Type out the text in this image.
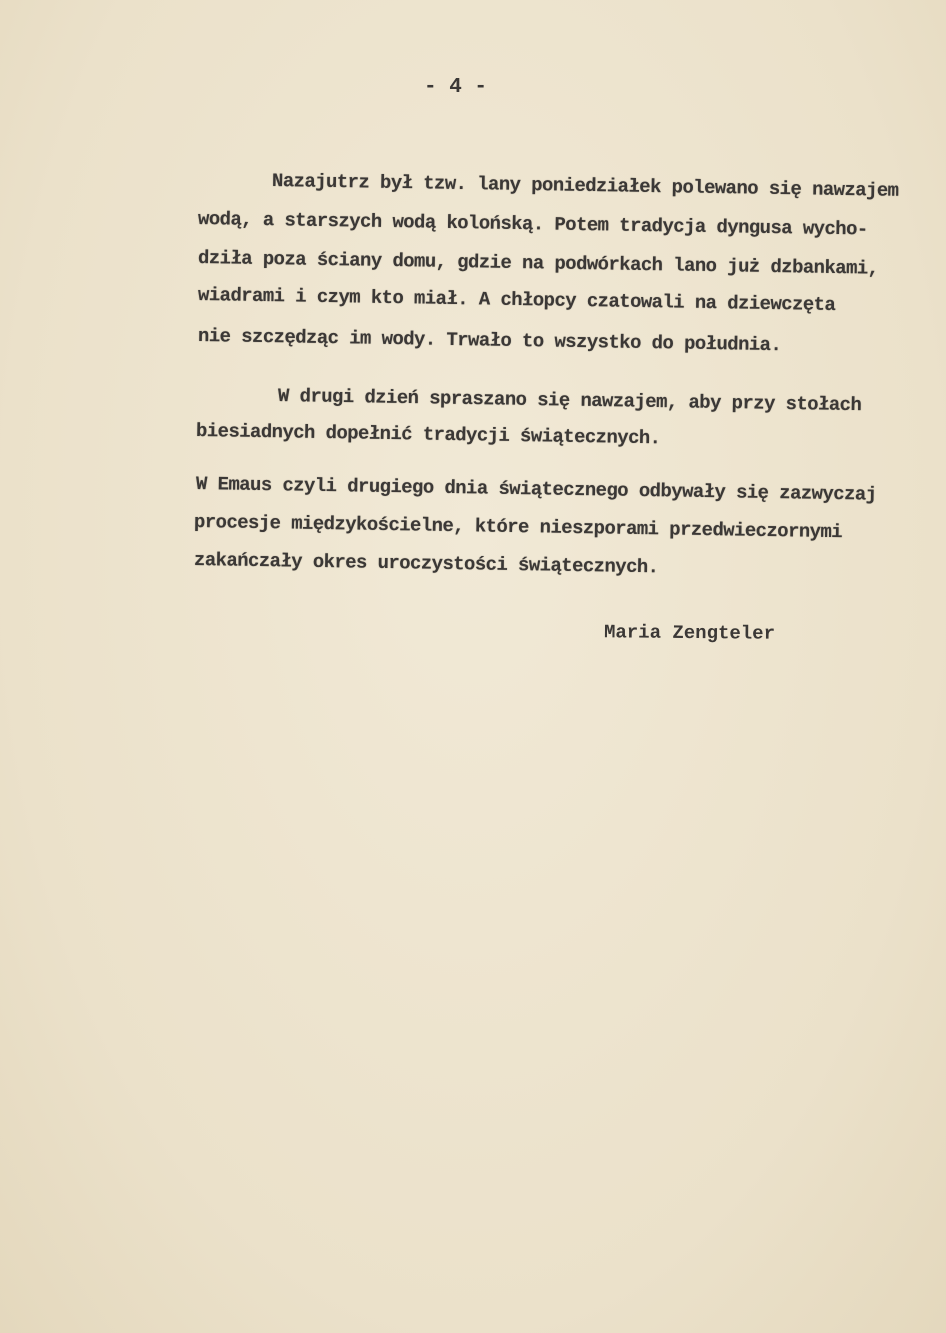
- 4 -
Nazajutrz był tzw. lany poniedziałek polewano się nawzajem
wodą, a starszych wodą kolońską. Potem tradycja dyngusa wycho-
dziła poza ściany domu, gdzie na podwórkach lano już dzbankami,
wiadrami i czym kto miał. A chłopcy czatowali na dziewczęta
nie szczędząc im wody. Trwało to wszystko do południa.
W drugi dzień spraszano się nawzajem, aby przy stołach
biesiadnych dopełnić tradycji świątecznych.
W Emaus czyli drugiego dnia świątecznego odbywały się zazwyczaj
procesje międzykościelne, które nieszporami przedwieczornymi
zakańczały okres uroczystości świątecznych.
Maria Zengteler
